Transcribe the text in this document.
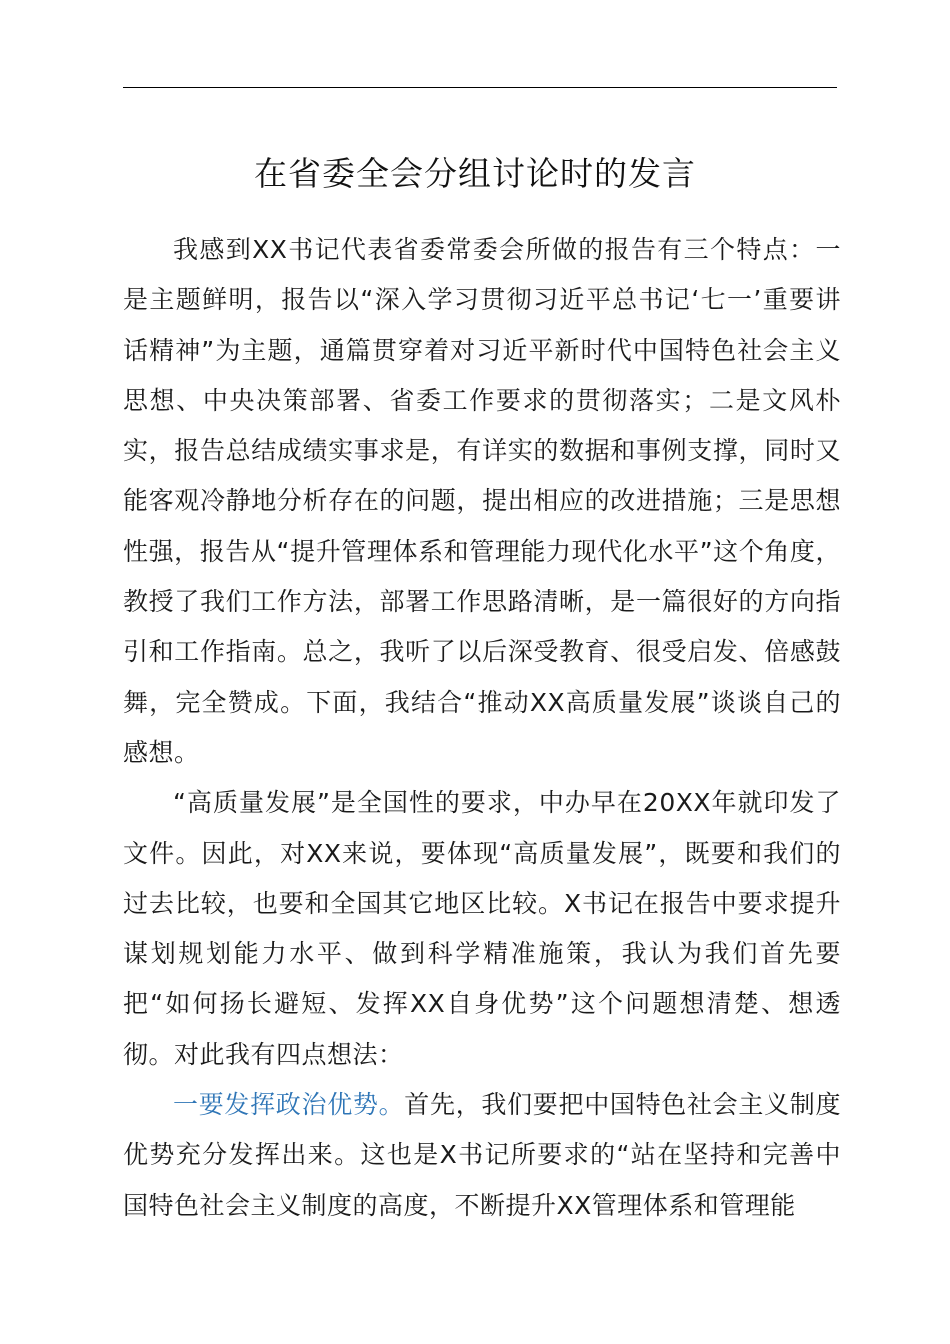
在省委全会分组讨论时的发言

我感到XX书记代表省委常委会所做的报告有三个特点：一是主题鲜明，报告以“深入学习贯彻习近平总书记‘七一’重要讲话精神”为主题，通篇贯穿着对习近平新时代中国特色社会主义思想、中央决策部署、省委工作要求的贯彻落实；二是文风朴实，报告总结成绩实事求是，有详实的数据和事例支撑，同时又能客观冷静地分析存在的问题，提出相应的改进措施；三是思想性强，报告从“提升管理体系和管理能力现代化水平”这个角度，教授了我们工作方法，部署工作思路清晰，是一篇很好的方向指引和工作指南。总之，我听了以后深受教育、很受启发、倍感鼓舞，完全赞成。下面，我结合“推动XX高质量发展”谈谈自己的感想。

“高质量发展”是全国性的要求，中办早在20XX年就印发了文件。因此，对XX来说，要体现“高质量发展”，既要和我们的过去比较，也要和全国其它地区比较。X书记在报告中要求提升谋划规划能力水平、做到科学精准施策，我认为我们首先要把“如何扬长避短、发挥XX自身优势”这个问题想清楚、想透彻。对此我有四点想法：

一要发挥政治优势。首先，我们要把中国特色社会主义制度优势充分发挥出来。这也是X书记所要求的“站在坚持和完善中国特色社会主义制度的高度，不断提升XX管理体系和管理能
